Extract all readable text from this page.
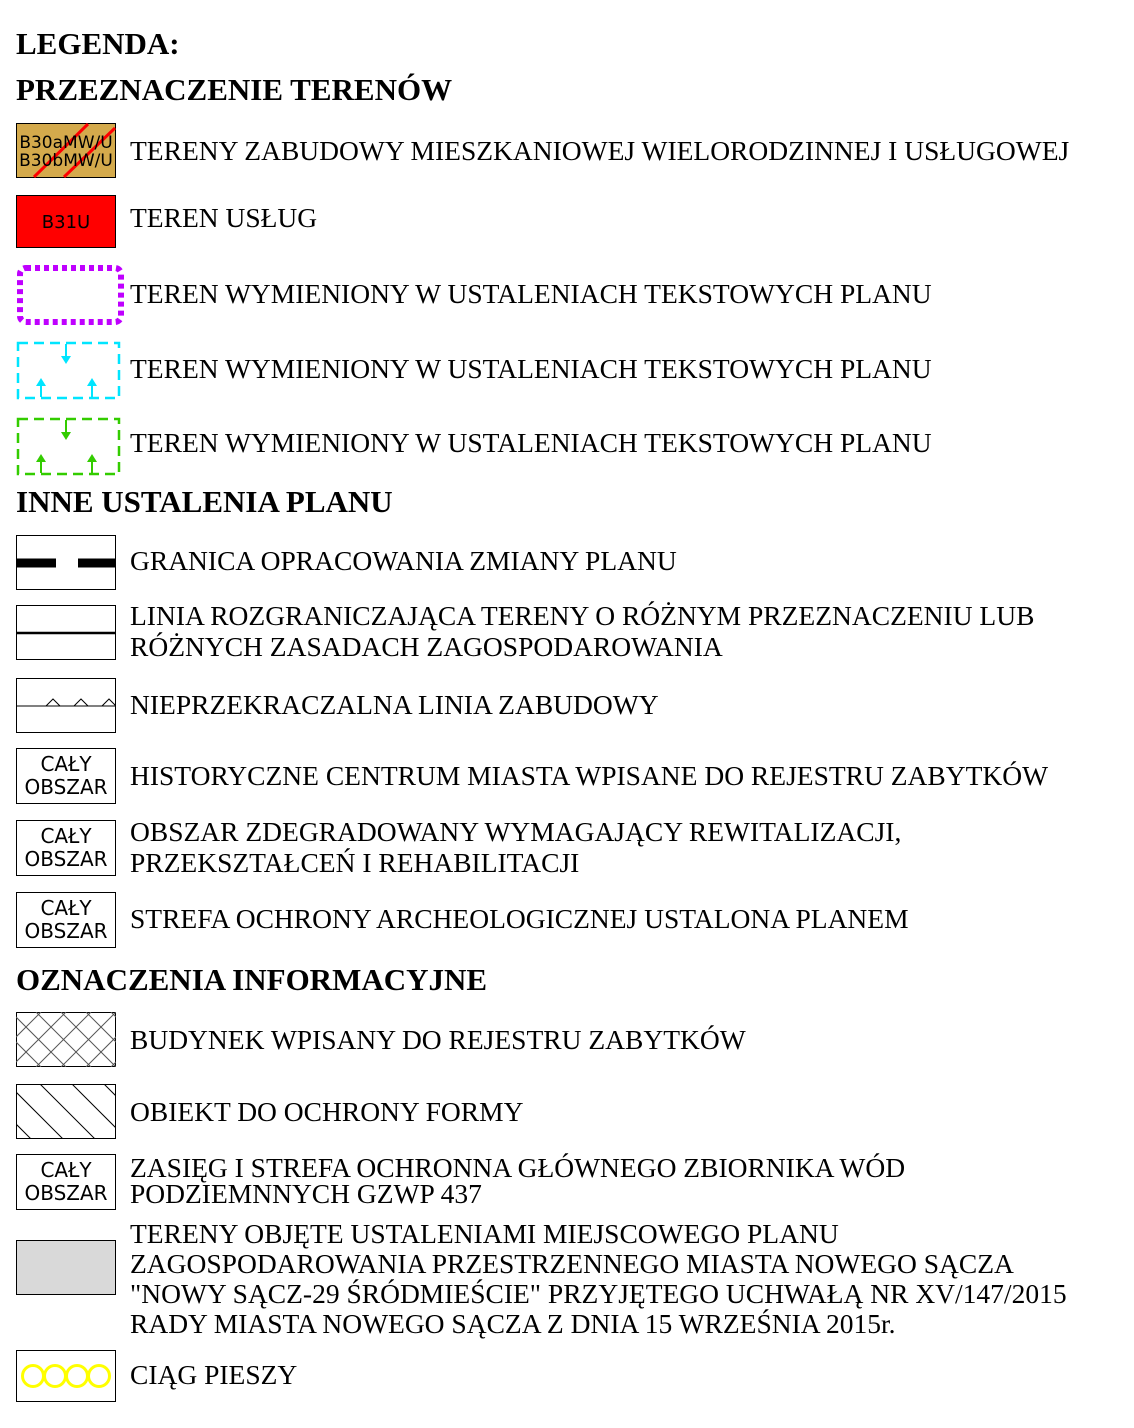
LEGENDA:
PRZEZNACZENIE TERENÓW
B30aMW/U
B30bMW/U TERENY ZABUDOWY MIESZKANIOWEJ WIELORODZINNEJ I USŁUGOWEJ
B31U TEREN USŁUG
TEREN WYMIENIONY W USTALENIACH TEKSTOWYCH PLANU
TEREN WYMIENIONY W USTALENIACH TEKSTOWYCH PLANU
TEREN WYMIENIONY W USTALENIACH TEKSTOWYCH PLANU
INNE USTALENIA PLANU
GRANICA OPRACOWANIA ZMIANY PLANU
LINIA ROZGRANICZAJĄCA TERENY O RÓŻNYM PRZEZNACZENIU LUB
RÓŻNYCH ZASADACH ZAGOSPODAROWANIA
NIEPRZEKRACZALNA LINIA ZABUDOWY
CAŁY
OBSZAR HISTORYCZNE CENTRUM MIASTA WPISANE DO REJESTRU ZABYTKÓW
CAŁY
OBSZAR
OBSZAR ZDEGRADOWANY WYMAGAJĄCY REWITALIZACJI,
PRZEKSZTAŁCEŃ I REHABILITACJI
CAŁY
OBSZAR STREFA OCHRONY ARCHEOLOGICZNEJ USTALONA PLANEM
OZNACZENIA INFORMACYJNE
BUDYNEK WPISANY DO REJESTRU ZABYTKÓW
OBIEKT DO OCHRONY FORMY
CAŁY
OBSZAR
ZASIĘG I STREFA OCHRONNA GŁÓWNEGO ZBIORNIKA WÓD
PODZIEMNNYCH GZWP 437
TERENY OBJĘTE USTALENIAMI MIEJSCOWEGO PLANU
ZAGOSPODAROWANIA PRZESTRZENNEGO MIASTA NOWEGO SĄCZA
"NOWY SĄCZ-29 ŚRÓDMIEŚCIE" PRZYJĘTEGO UCHWAŁĄ NR XV/147/2015
RADY MIASTA NOWEGO SĄCZA Z DNIA 15 WRZEŚNIA 2015r.
CIĄG PIESZY
